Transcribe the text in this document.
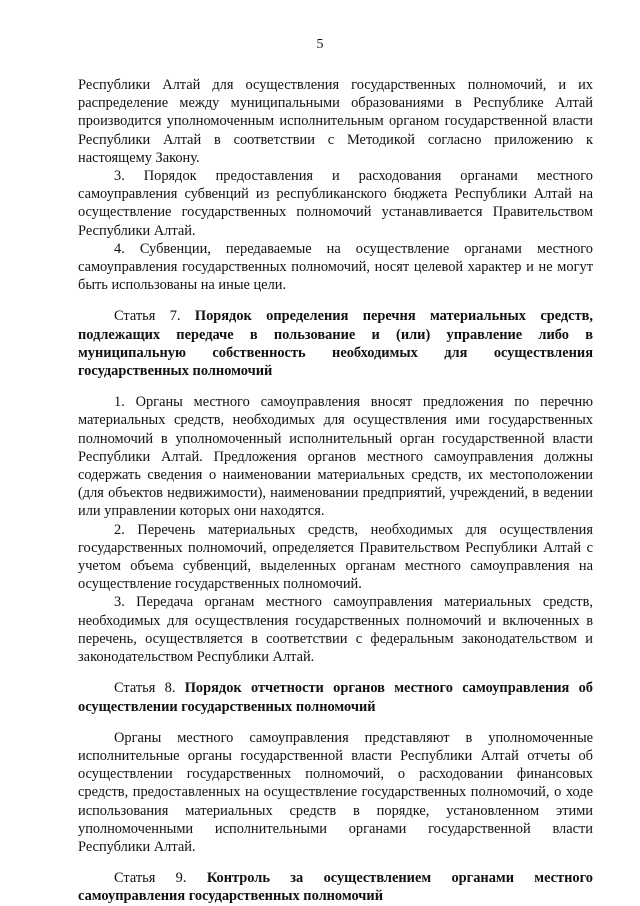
5

Республики Алтай для осуществления государственных полномочий, и их распределение между муниципальными образованиями в Республике Алтай производится уполномоченным исполнительным органом государственной власти Республики Алтай в соответствии с Методикой согласно приложению к настоящему Закону.

3. Порядок предоставления и расходования органами местного самоуправления субвенций из республиканского бюджета Республики Алтай на осуществление государственных полномочий устанавливается Правительством Республики Алтай.

4. Субвенции, передаваемые на осуществление органами местного самоуправления государственных полномочий, носят целевой характер и не могут быть использованы на иные цели.

Статья 7. Порядок определения перечня материальных средств, подлежащих передаче в пользование и (или) управление либо в муниципальную собственность необходимых для осуществления государственных полномочий

1. Органы местного самоуправления вносят предложения по перечню материальных средств, необходимых для осуществления ими государственных полномочий в уполномоченный исполнительный орган государственной власти Республики Алтай. Предложения органов местного самоуправления должны содержать сведения о наименовании материальных средств, их местоположении (для объектов недвижимости), наименовании предприятий, учреждений, в ведении или управлении которых они находятся.

2. Перечень материальных средств, необходимых для осуществления государственных полномочий, определяется Правительством Республики Алтай с учетом объема субвенций, выделенных органам местного самоуправления на осуществление государственных полномочий.

3. Передача органам местного самоуправления материальных средств, необходимых для осуществления государственных полномочий и включенных в перечень, осуществляется в соответствии с федеральным законодательством и законодательством Республики Алтай.

Статья 8. Порядок отчетности органов местного самоуправления об осуществлении государственных полномочий

Органы местного самоуправления представляют в уполномоченные исполнительные органы государственной власти Республики Алтай отчеты об осуществлении государственных полномочий, о расходовании финансовых средств, предоставленных на осуществление государственных полномочий, о ходе использования материальных средств в порядке, установленном этими уполномоченными исполнительными органами государственной власти Республики Алтай.

Статья 9. Контроль за осуществлением органами местного самоуправления государственных полномочий
